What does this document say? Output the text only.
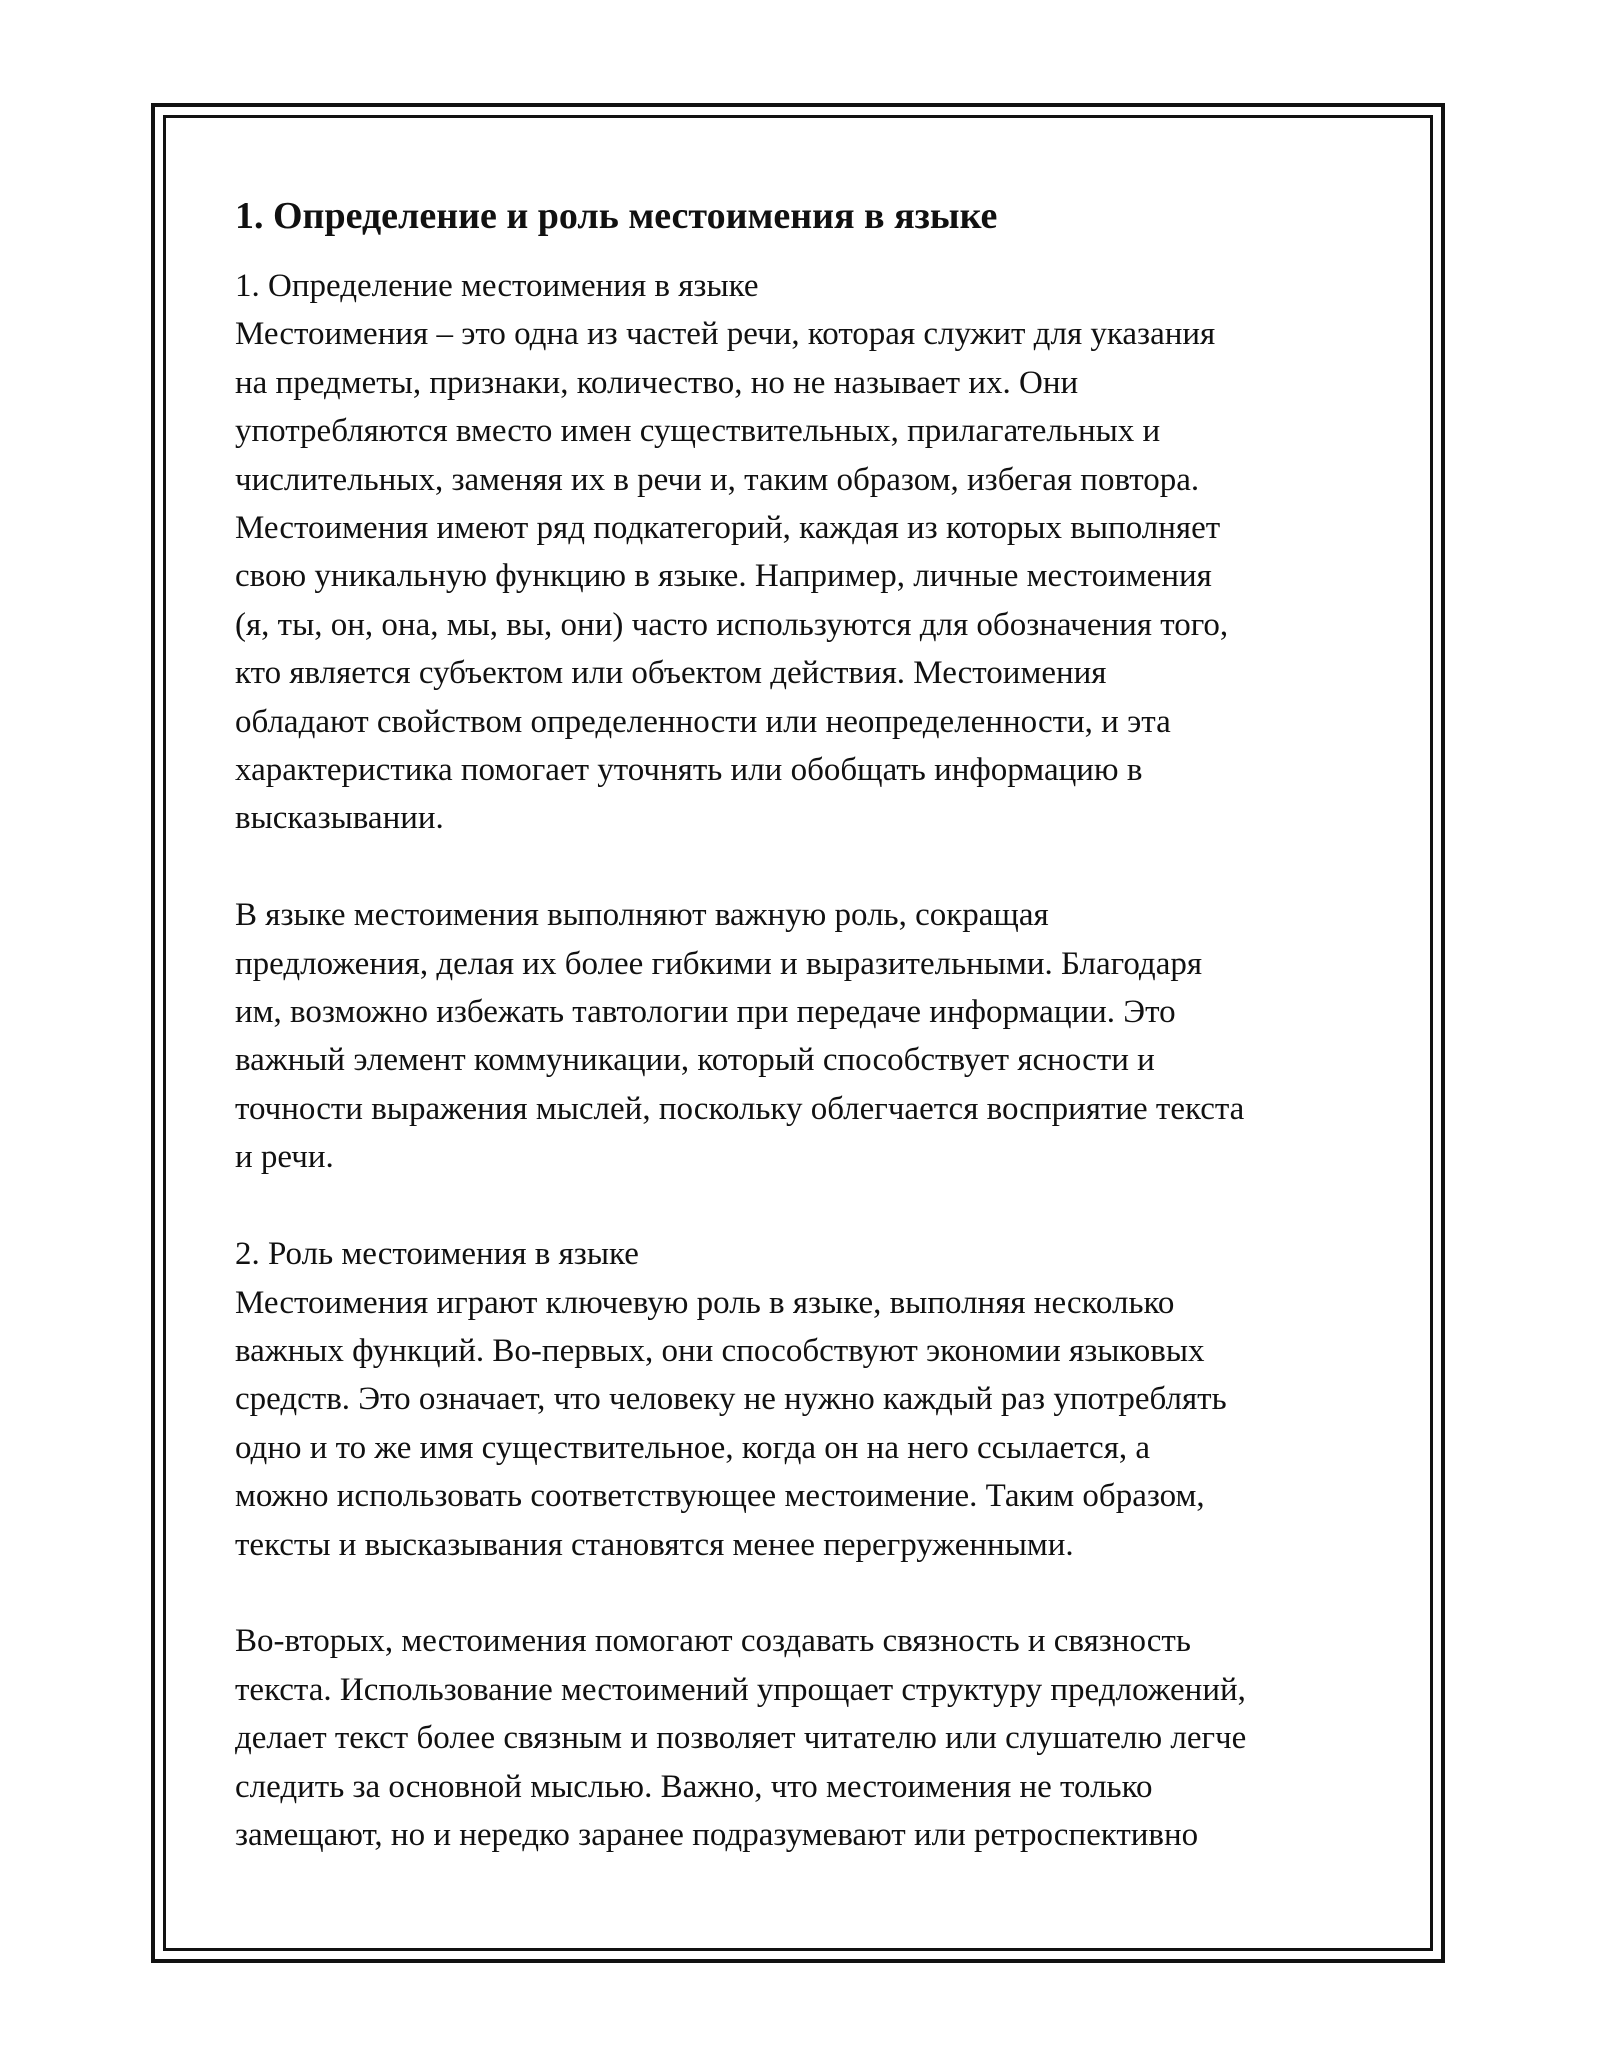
1. Определение и роль местоимения в языке

1. Определение местоимения в языке
Местоимения – это одна из частей речи, которая служит для указания
на предметы, признаки, количество, но не называет их. Они
употребляются вместо имен существительных, прилагательных и
числительных, заменяя их в речи и, таким образом, избегая повтора.
Местоимения имеют ряд подкатегорий, каждая из которых выполняет
свою уникальную функцию в языке. Например, личные местоимения
(я, ты, он, она, мы, вы, они) часто используются для обозначения того,
кто является субъектом или объектом действия. Местоимения
обладают свойством определенности или неопределенности, и эта
характеристика помогает уточнять или обобщать информацию в
высказывании.

В языке местоимения выполняют важную роль, сокращая
предложения, делая их более гибкими и выразительными. Благодаря
им, возможно избежать тавтологии при передаче информации. Это
важный элемент коммуникации, который способствует ясности и
точности выражения мыслей, поскольку облегчается восприятие текста
и речи.

2. Роль местоимения в языке
Местоимения играют ключевую роль в языке, выполняя несколько
важных функций. Во-первых, они способствуют экономии языковых
средств. Это означает, что человеку не нужно каждый раз употреблять
одно и то же имя существительное, когда он на него ссылается, а
можно использовать соответствующее местоимение. Таким образом,
тексты и высказывания становятся менее перегруженными.

Во-вторых, местоимения помогают создавать связность и связность
текста. Использование местоимений упрощает структуру предложений,
делает текст более связным и позволяет читателю или слушателю легче
следить за основной мыслью. Важно, что местоимения не только
замещают, но и нередко заранее подразумевают или ретроспективно
